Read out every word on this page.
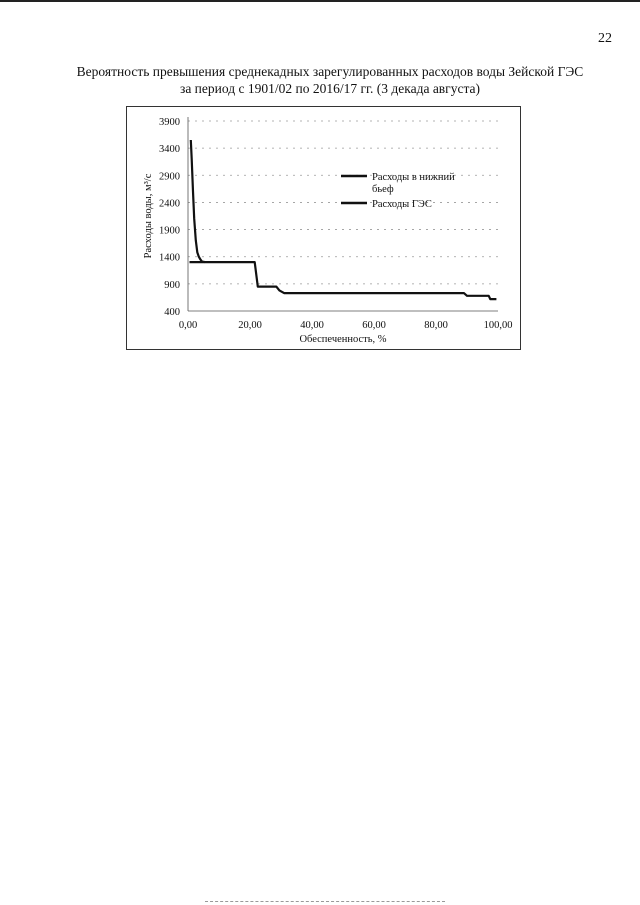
22
Вероятность превышения среднекадных зарегулированных расходов воды Зейской ГЭС
за период с 1901/02 по 2016/17 гг. (3 декада августа)
3900
3400
2900
2400
1900
1400
900
400
0,00	20,00	40,00	60,00	80,00	100,00
Обеспеченность, %
Расходы воды, м³/с	Расходы в нижний бьеф
Расходы ГЭС
